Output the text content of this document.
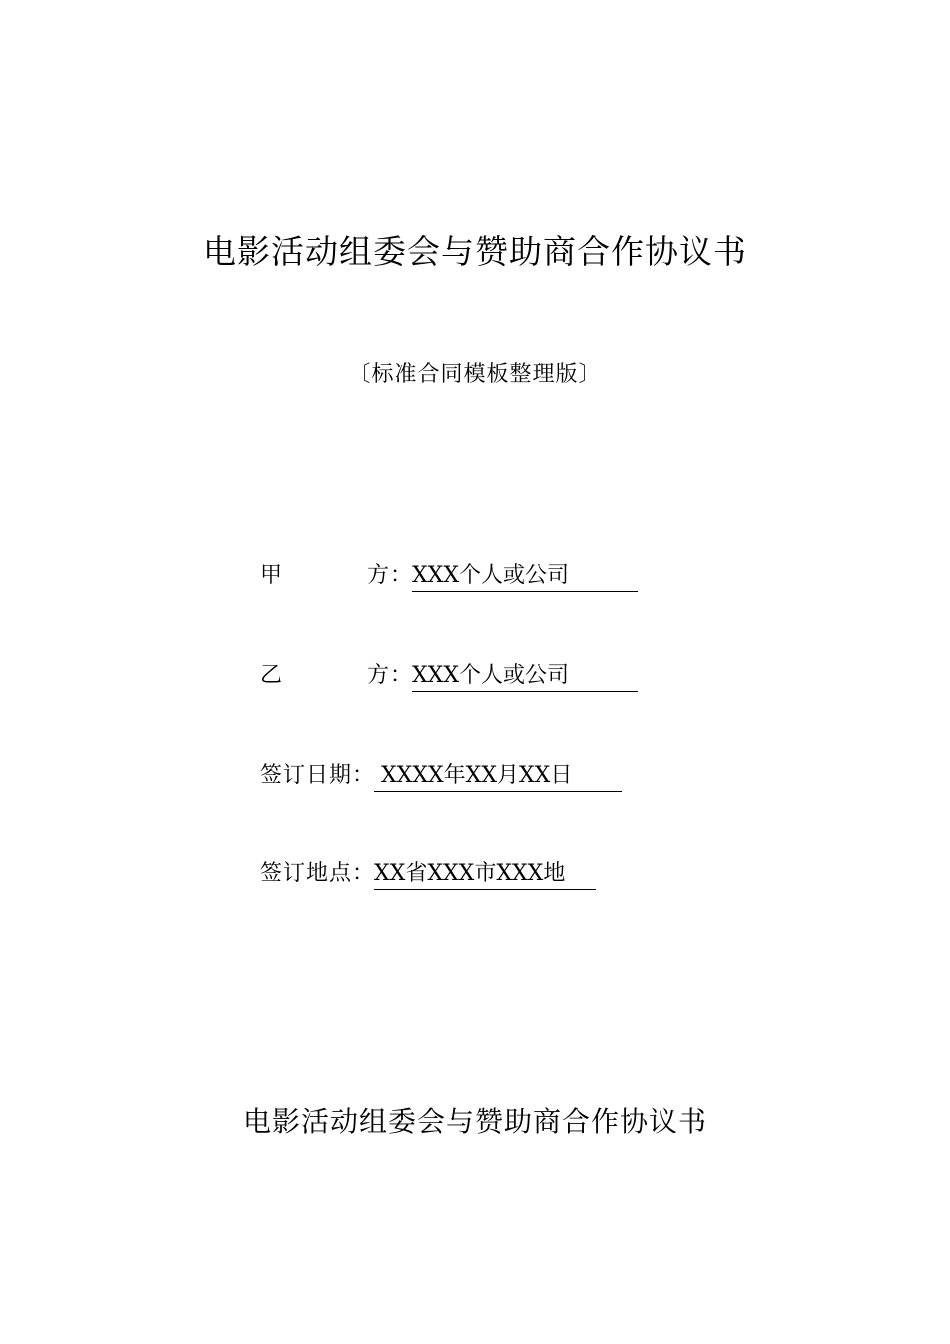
电影活动组委会与赞助商合作协议书

〔标准合同模板整理版〕

甲	方 ： XXX个人或公司
乙	方 ： XXX个人或公司
签订日期 ： XXXX年XX月XX日
签订地点 ： XX省XXX市XXX地
电影活动组委会与赞助商合作协议书
